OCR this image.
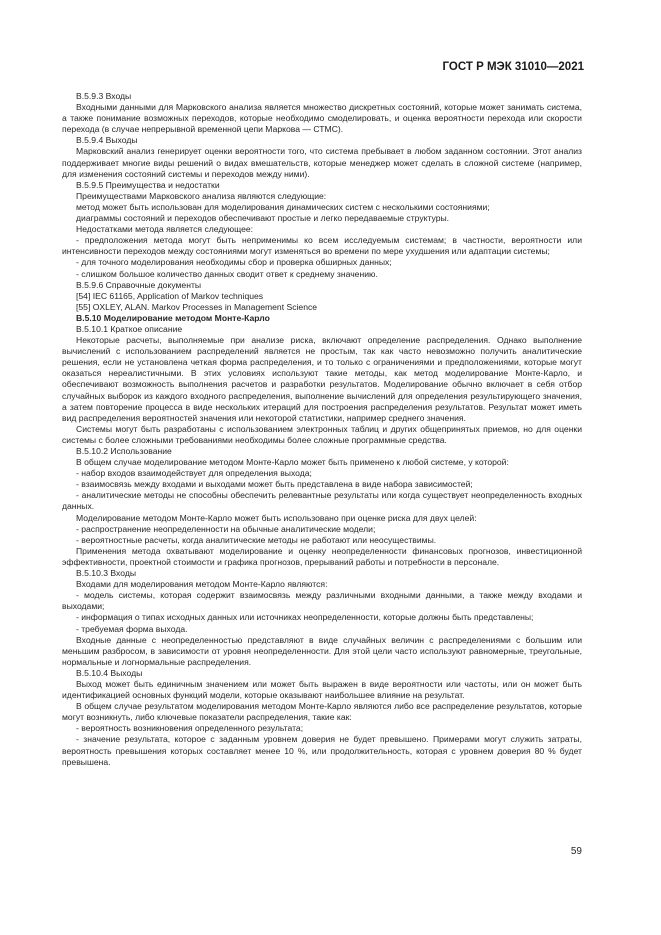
ГОСТ Р МЭК 31010—2021

В.5.9.3 Входы

Входными данными для Марковского анализа является множество дискретных состояний, которые может занимать система, а также понимание возможных переходов, которые необходимо смоделировать, и оценка вероятности перехода или скорости перехода (в случае непрерывной временной цепи Маркова — СТМС).

В.5.9.4 Выходы

Марковский анализ генерирует оценки вероятности того, что система пребывает в любом заданном состоянии. Этот анализ поддерживает многие виды решений о видах вмешательств, которые менеджер может сделать в сложной системе (например, для изменения состояний системы и переходов между ними).

В.5.9.5 Преимущества и недостатки

Преимуществами Марковского анализа являются следующие:

метод может быть использован для моделирования динамических систем с несколькими состояниями;

диаграммы состояний и переходов обеспечивают простые и легко передаваемые структуры.

Недостатками метода является следующее:

- предположения метода могут быть неприменимы ко всем исследуемым системам; в частности, вероятности или интенсивности переходов между состояниями могут изменяться во времени по мере ухудшения или адаптации системы;

- для точного моделирования необходимы сбор и проверка обширных данных;

- слишком большое количество данных сводит ответ к среднему значению.

В.5.9.6 Справочные документы

[54] IEC 61165, Application of Markov techniques

[55] OXLEY, ALAN. Markov Processes in Management Science

В.5.10 Моделирование методом Монте-Карло

В.5.10.1 Краткое описание

Некоторые расчеты, выполняемые при анализе риска, включают определение распределения. Однако выполнение вычислений с использованием распределений является не простым, так как часто невозможно получить аналитические решения, если не установлена четкая форма распределения, и то только с ограничениями и предположениями, которые могут оказаться нереалистичными. В этих условиях используют такие методы, как метод моделирование Монте-Карло, и обеспечивают возможность выполнения расчетов и разработки результатов. Моделирование обычно включает в себя отбор случайных выборок из каждого входного распределения, выполнение вычислений для определения результирующего значения, а затем повторение процесса в виде нескольких итераций для построения распределения результатов. Результат может иметь вид распределения вероятностей значения или некоторой статистики, например среднего значения.

Системы могут быть разработаны с использованием электронных таблиц и других общепринятых приемов, но для оценки системы с более сложными требованиями необходимы более сложные программные средства.

В.5.10.2 Использование

В общем случае моделирование методом Монте-Карло может быть применено к любой системе, у которой:

- набор входов взаимодействует для определения выхода;

- взаимосвязь между входами и выходами может быть представлена в виде набора зависимостей;

- аналитические методы не способны обеспечить релевантные результаты или когда существует неопределенность входных данных.

Моделирование методом Монте-Карло может быть использовано при оценке риска для двух целей:

- распространение неопределенности на обычные аналитические модели;

- вероятностные расчеты, когда аналитические методы не работают или неосуществимы.

Применения метода охватывают моделирование и оценку неопределенности финансовых прогнозов, инвестиционной эффективности, проектной стоимости и графика прогнозов, прерываний работы и потребности в персонале.

В.5.10.3 Входы

Входами для моделирования методом Монте-Карло являются:

- модель системы, которая содержит взаимосвязь между различными входными данными, а также между входами и выходами;

- информация о типах исходных данных или источниках неопределенности, которые должны быть представлены;

- требуемая форма выхода.

Входные данные с неопределенностью представляют в виде случайных величин с распределениями с большим или меньшим разбросом, в зависимости от уровня неопределенности. Для этой цели часто используют равномерные, треугольные, нормальные и логнормальные распределения.

В.5.10.4 Выходы

Выход может быть единичным значением или может быть выражен в виде вероятности или частоты, или он может быть идентификацией основных функций модели, которые оказывают наибольшее влияние на результат.

В общем случае результатом моделирования методом Монте-Карло являются либо все распределение результатов, которые могут возникнуть, либо ключевые показатели распределения, такие как:

- вероятность возникновения определенного результата;

- значение результата, которое с заданным уровнем доверия не будет превышено. Примерами могут служить затраты, вероятность превышения которых составляет менее 10 %, или продолжительность, которая с уровнем доверия 80 % будет превышена.

59
